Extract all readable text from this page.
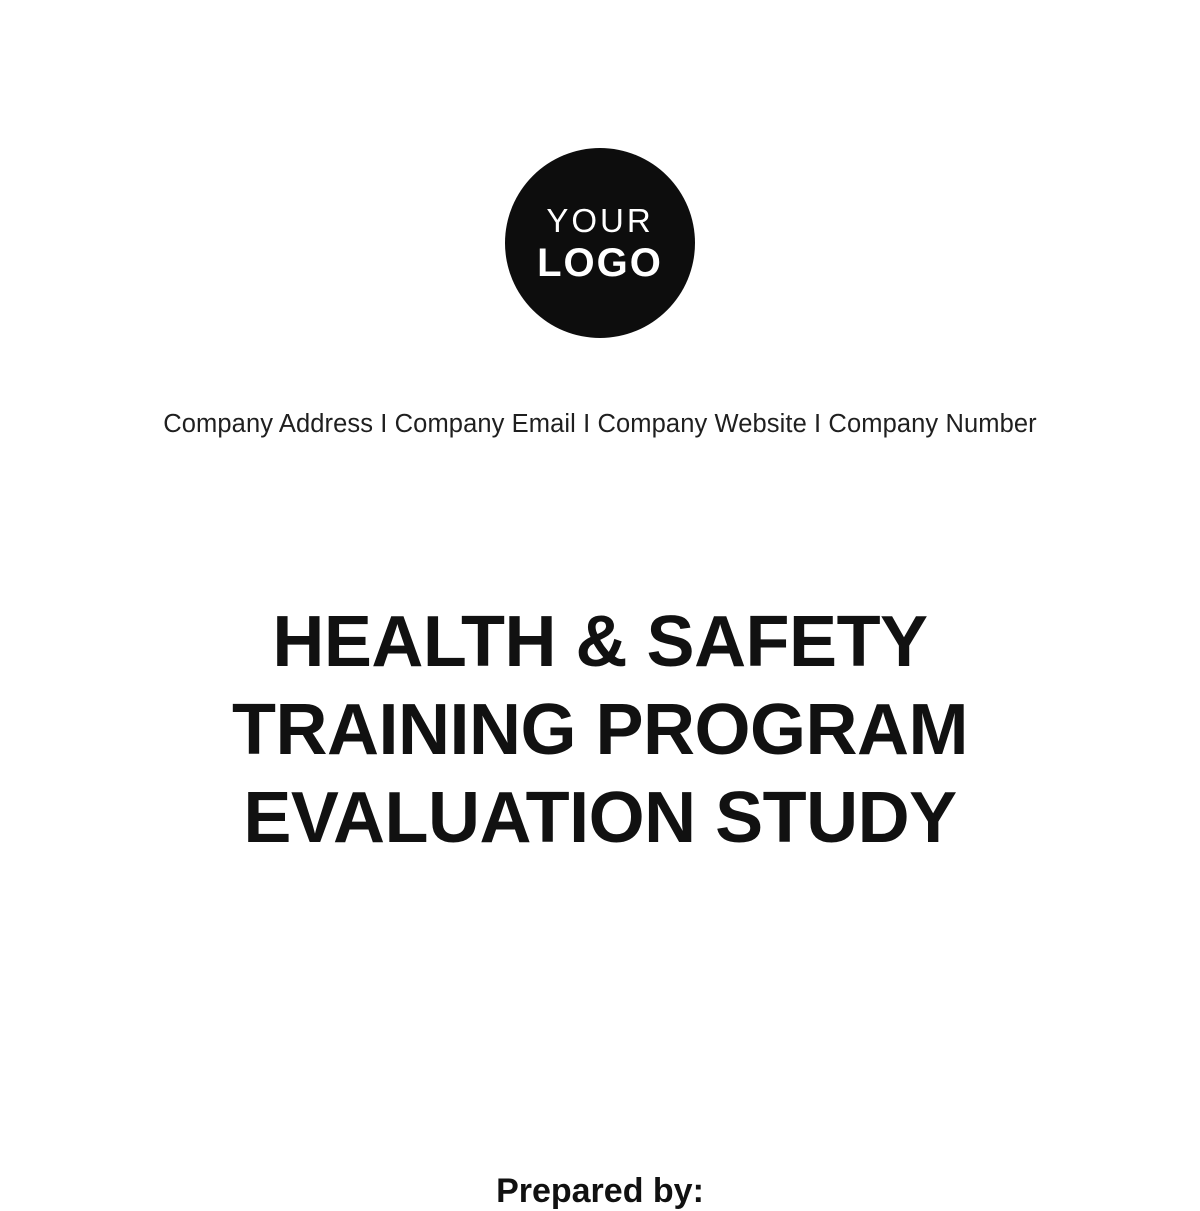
YOUR
LOGO
Company Address I Company Email I Company Website I Company Number
HEALTH & SAFETY TRAINING PROGRAM EVALUATION STUDY
Prepared by:
